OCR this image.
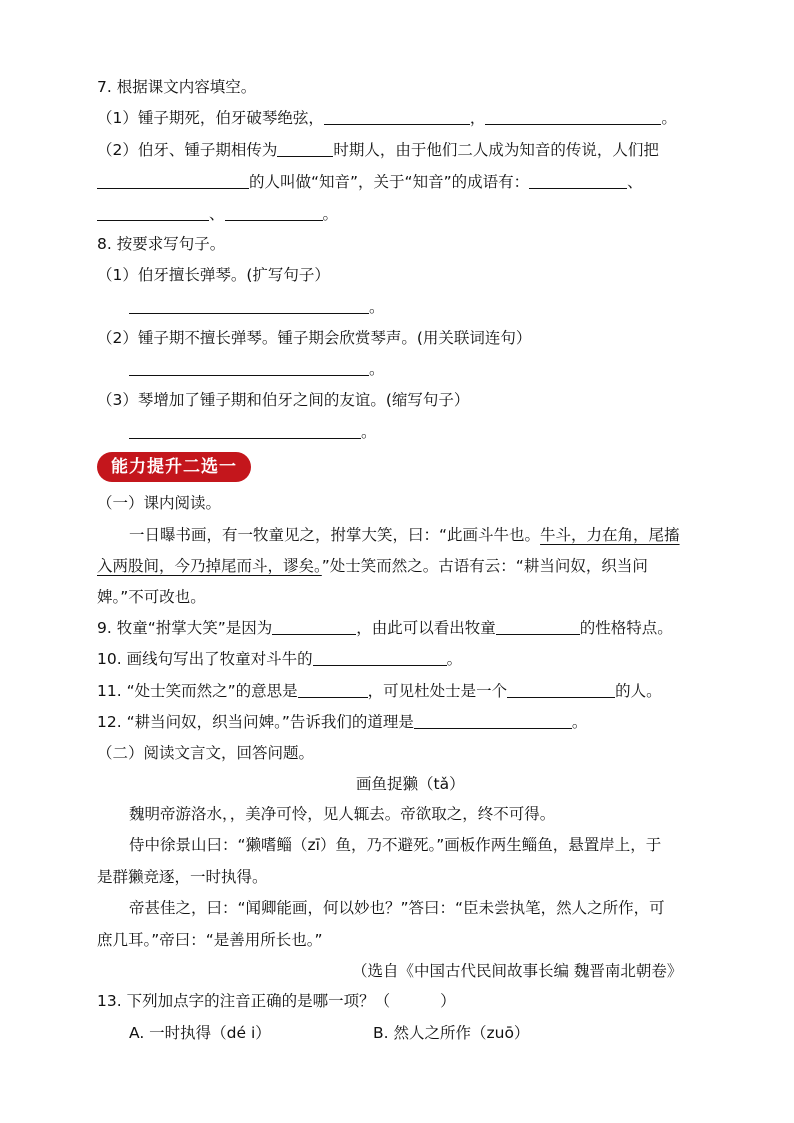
7. 根据课文内容填空。
（1）锺子期死，伯牙破琴绝弦，	，	。
（2）伯牙、锺子期相传为	时期人，由于他们二人成为知音的传说，人们把
的人叫做“知音”，关于“知音”的成语有：	、
、	。
8. 按要求写句子。
（1）伯牙擅长弹琴。(扩写句子）
。
（2）锺子期不擅长弹琴。锺子期会欣赏琴声。(用关联词连句）
。
（3）琴增加了锺子期和伯牙之间的友谊。(缩写句子）
。
能力提升二选一
（一）课内阅读。
一日曝书画，有一牧童见之，拊掌大笑，曰：“此画斗牛也。牛斗，力在角，尾搐
入两股间，今乃掉尾而斗，谬矣。”处士笑而然之。古语有云：“耕当问奴，织当问
婢。”不可改也。
9. 牧童“拊掌大笑”是因为	，由此可以看出牧童	的性格特点。
10. 画线句写出了牧童对斗牛的	。
11. “处士笑而然之”的意思是	，可见杜处士是一个	的人。
12. “耕当问奴，织当问婢。”告诉我们的道理是	。
（二）阅读文言文，回答问题。
画鱼捉獭（tǎ）
魏明帝游洛水，，美净可怜，见人辄去。帝欲取之，终不可得。
侍中徐景山曰：“獭嗜鲻（zī）鱼，乃不避死。”画板作两生鲻鱼，悬置岸上，于
是群獭竞逐，一时执得。
帝甚佳之，曰：“闻卿能画，何以妙也？”答曰：“臣未尝执笔，然人之所作，可
庶几耳。”帝曰：“是善用所长也。”
（选自《中国古代民间故事长编 魏晋南北朝卷》
13. 下列加点字的注音正确的是哪一项？（	）
A. 一时执得（dé i）	B. 然人之所作（zuō）
